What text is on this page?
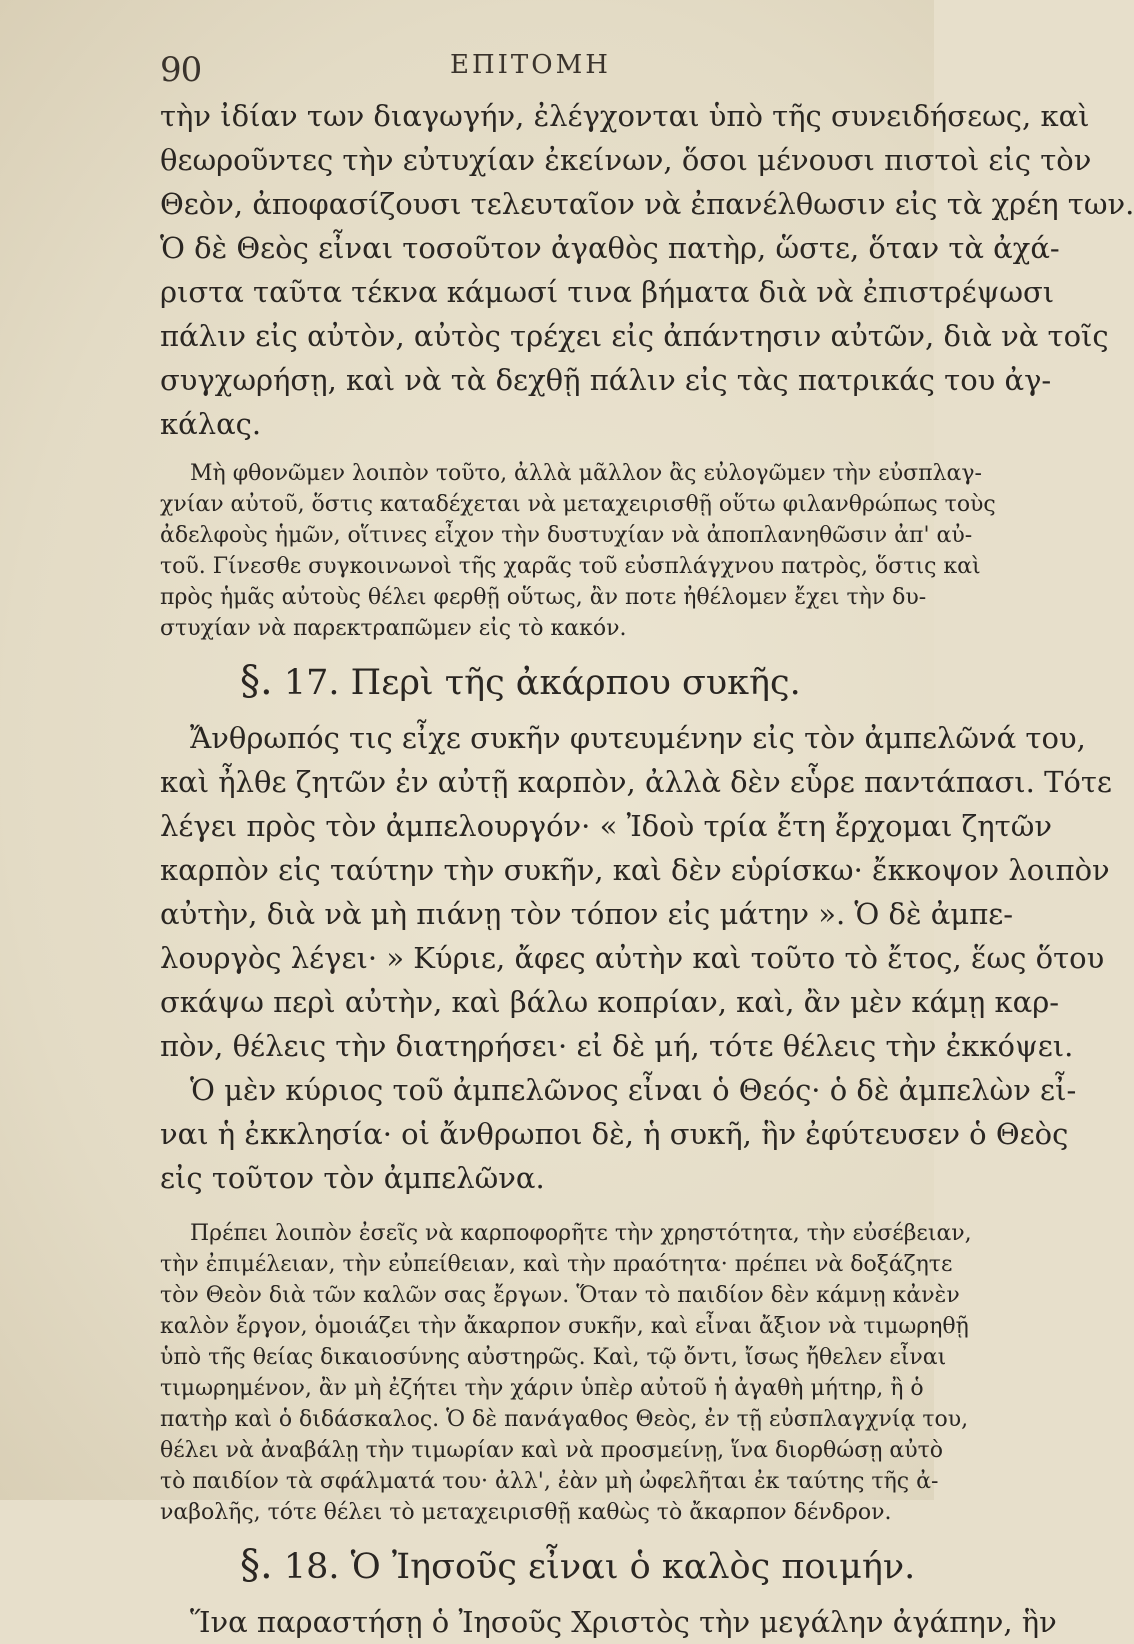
90	ΕΠΙΤΟΜΗ
τὴν ἰδίαν των διαγωγήν, ἐλέγχονται ὑπὸ τῆς συνειδήσεως, καὶ
θεωροῦντες τὴν εὐτυχίαν ἐκείνων, ὅσοι μένουσι πιστοὶ εἰς τὸν
Θεὸν, ἀποφασίζουσι τελευταῖον νὰ ἐπανέλθωσιν εἰς τὰ χρέη των.
Ὁ δὲ Θεὸς εἶναι τοσοῦτον ἀγαθὸς πατὴρ, ὥστε, ὅταν τὰ ἀχά-
ριστα ταῦτα τέκνα κάμωσί τινα βήματα διὰ νὰ ἐπιστρέψωσι
πάλιν εἰς αὐτὸν, αὐτὸς τρέχει εἰς ἀπάντησιν αὐτῶν, διὰ νὰ τοῖς
συγχωρήσῃ, καὶ νὰ τὰ δεχθῇ πάλιν εἰς τὰς πατρικάς του ἀγ-
κάλας.
Μὴ φθονῶμεν λοιπὸν τοῦτο, ἀλλὰ μᾶλλον ἂς εὐλογῶμεν τὴν εὐσπλαγ-
χνίαν αὐτοῦ, ὅστις καταδέχεται νὰ μεταχειρισθῇ οὕτω φιλανθρώπως τοὺς
ἀδελφοὺς ἡμῶν, οἵτινες εἶχον τὴν δυστυχίαν νὰ ἀποπλανηθῶσιν ἀπ' αὐ-
τοῦ. Γίνεσθε συγκοινωνοὶ τῆς χαρᾶς τοῦ εὐσπλάγχνου πατρὸς, ὅστις καὶ
πρὸς ἡμᾶς αὐτοὺς θέλει φερθῇ οὕτως, ἂν ποτε ἠθέλομεν ἔχει τὴν δυ-
στυχίαν νὰ παρεκτραπῶμεν εἰς τὸ κακόν.
§. 17. Περὶ τῆς ἀκάρπου συκῆς.
Ἄνθρωπός τις εἶχε συκῆν φυτευμένην εἰς τὸν ἀμπελῶνά του,
καὶ ἦλθε ζητῶν ἐν αὐτῇ καρπὸν, ἀλλὰ δὲν εὗρε παντάπασι. Τότε
λέγει πρὸς τὸν ἀμπελουργόν· « Ἰδοὺ τρία ἔτη ἔρχομαι ζητῶν
καρπὸν εἰς ταύτην τὴν συκῆν, καὶ δὲν εὑρίσκω· ἔκκοψον λοιπὸν
αὐτὴν, διὰ νὰ μὴ πιάνῃ τὸν τόπον εἰς μάτην ». Ὁ δὲ ἀμπε-
λουργὸς λέγει· » Κύριε, ἄφες αὐτὴν καὶ τοῦτο τὸ ἔτος, ἕως ὅτου
σκάψω περὶ αὐτὴν, καὶ βάλω κοπρίαν, καὶ, ἂν μὲν κάμῃ καρ-
πὸν, θέλεις τὴν διατηρήσει· εἰ δὲ μή, τότε θέλεις τὴν ἐκκόψει.
Ὁ μὲν κύριος τοῦ ἀμπελῶνος εἶναι ὁ Θεός· ὁ δὲ ἀμπελὼν εἶ-
ναι ἡ ἐκκλησία· οἱ ἄνθρωποι δὲ, ἡ συκῆ, ἣν ἐφύτευσεν ὁ Θεὸς
εἰς τοῦτον τὸν ἀμπελῶνα.
Πρέπει λοιπὸν ἐσεῖς νὰ καρποφορῆτε τὴν χρηστότητα, τὴν εὐσέβειαν,
τὴν ἐπιμέλειαν, τὴν εὐπείθειαν, καὶ τὴν πραότητα· πρέπει νὰ δοξάζητε
τὸν Θεὸν διὰ τῶν καλῶν σας ἔργων. Ὅταν τὸ παιδίον δὲν κάμνῃ κἀνὲν
καλὸν ἔργον, ὁμοιάζει τὴν ἄκαρπον συκῆν, καὶ εἶναι ἄξιον νὰ τιμωρηθῇ
ὑπὸ τῆς θείας δικαιοσύνης αὐστηρῶς. Καὶ, τῷ ὄντι, ἴσως ἤθελεν εἶναι
τιμωρημένον, ἂν μὴ ἐζήτει τὴν χάριν ὑπὲρ αὐτοῦ ἡ ἀγαθὴ μήτηρ, ἢ ὁ
πατὴρ καὶ ὁ διδάσκαλος. Ὁ δὲ πανάγαθος Θεὸς, ἐν τῇ εὐσπλαγχνίᾳ του,
θέλει νὰ ἀναβάλῃ τὴν τιμωρίαν καὶ νὰ προσμείνῃ, ἵνα διορθώσῃ αὐτὸ
τὸ παιδίον τὰ σφάλματά του· ἀλλ', ἐὰν μὴ ὠφελῆται ἐκ ταύτης τῆς ἀ-
ναβολῆς, τότε θέλει τὸ μεταχειρισθῇ καθὼς τὸ ἄκαρπον δένδρον.
§. 18. Ὁ Ἰησοῦς εἶναι ὁ καλὸς ποιμήν.
Ἵνα παραστήσῃ ὁ Ἰησοῦς Χριστὸς τὴν μεγάλην ἀγάπην, ἣν
